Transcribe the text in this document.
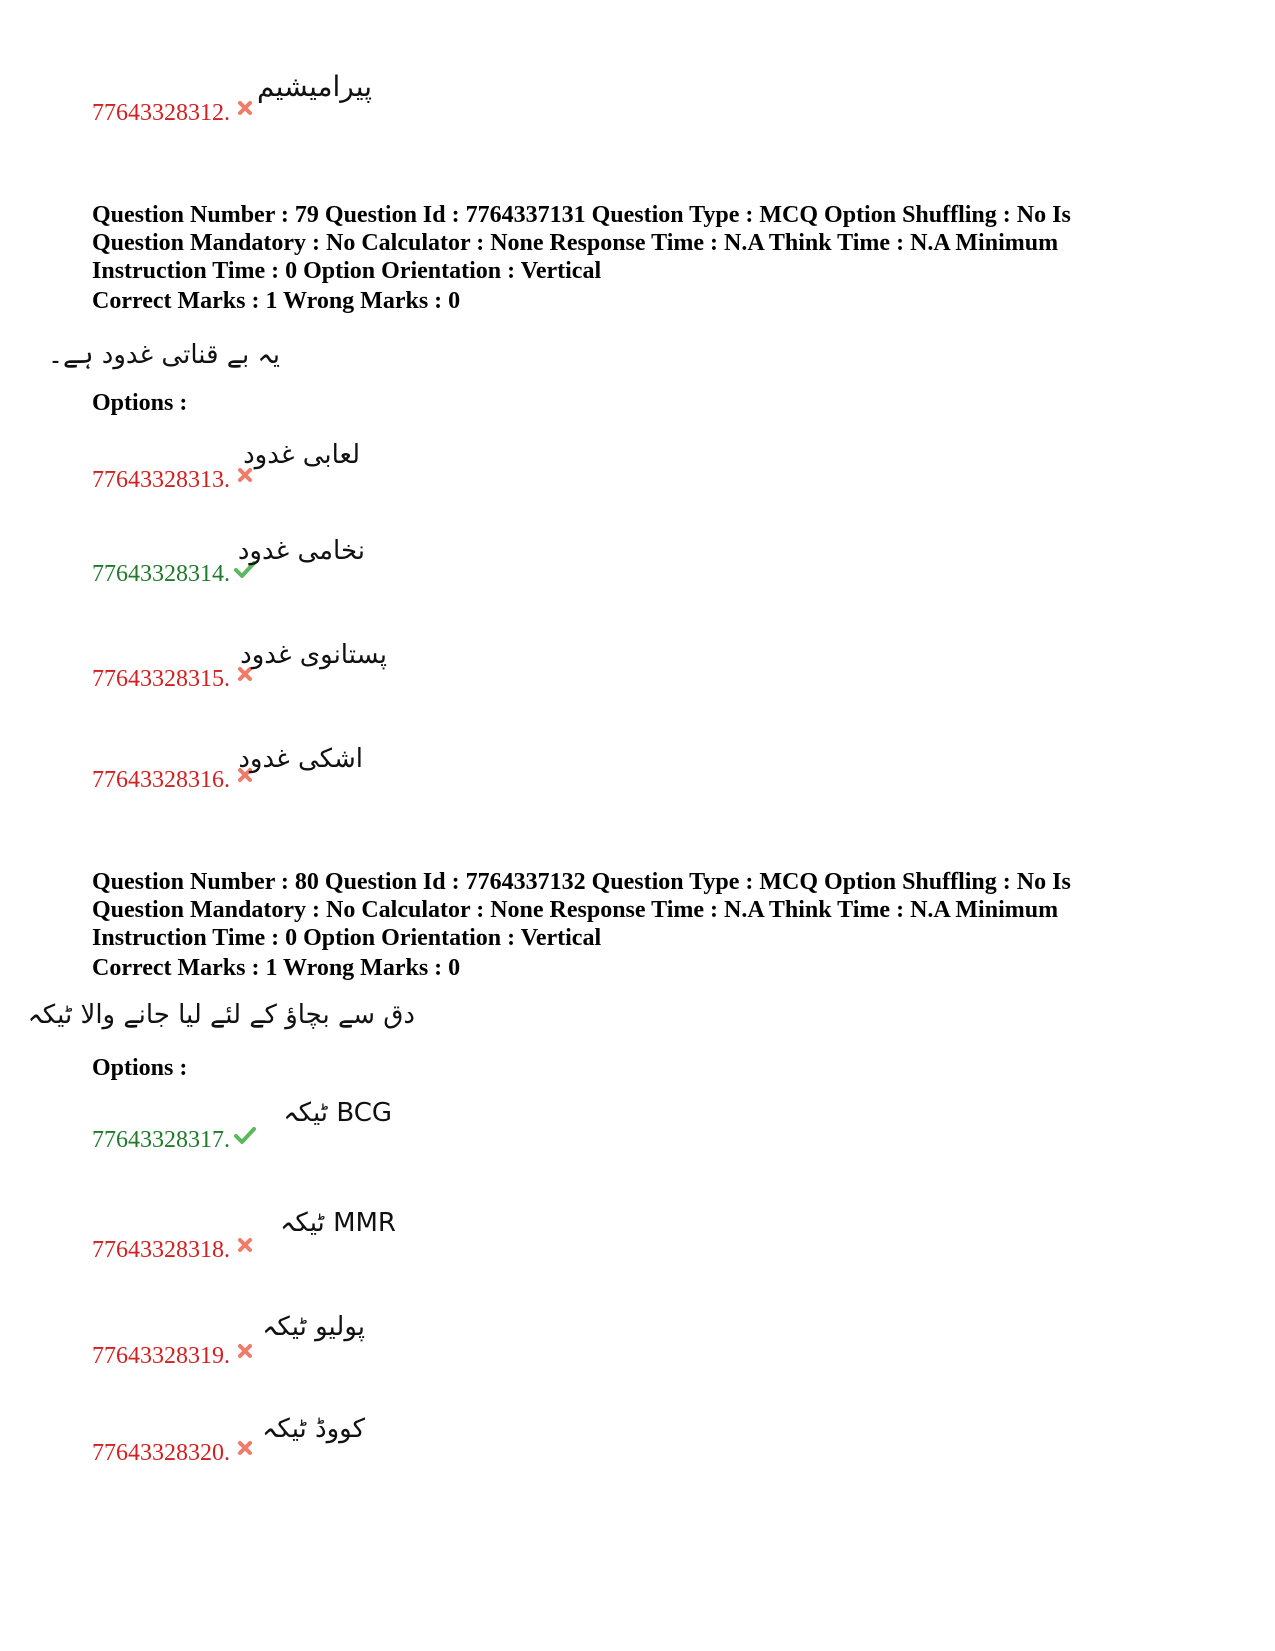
77643328312.
پیرامیشیم
Question Number : 79 Question Id : 7764337131 Question Type : MCQ Option Shuffling : No Is
Question Mandatory : No Calculator : None Response Time : N.A Think Time : N.A Minimum
Instruction Time : 0 Option Orientation : Vertical
Correct Marks : 1 Wrong Marks : 0
یہ بے قناتی غدود ہے۔
Options :
77643328313.
لعابی غدود
77643328314.
نخامی غدود
77643328315.
پستانوی غدود
77643328316.
اشکی غدود
Question Number : 80 Question Id : 7764337132 Question Type : MCQ Option Shuffling : No Is
Question Mandatory : No Calculator : None Response Time : N.A Think Time : N.A Minimum
Instruction Time : 0 Option Orientation : Vertical
Correct Marks : 1 Wrong Marks : 0
دق سے بچاؤ کے لئے لیا جانے والا ٹیکہ
Options :
77643328317.
BCG ٹیکہ
77643328318.
MMR ٹیکہ
77643328319.
پولیو ٹیکہ
77643328320.
کووڈ ٹیکہ
